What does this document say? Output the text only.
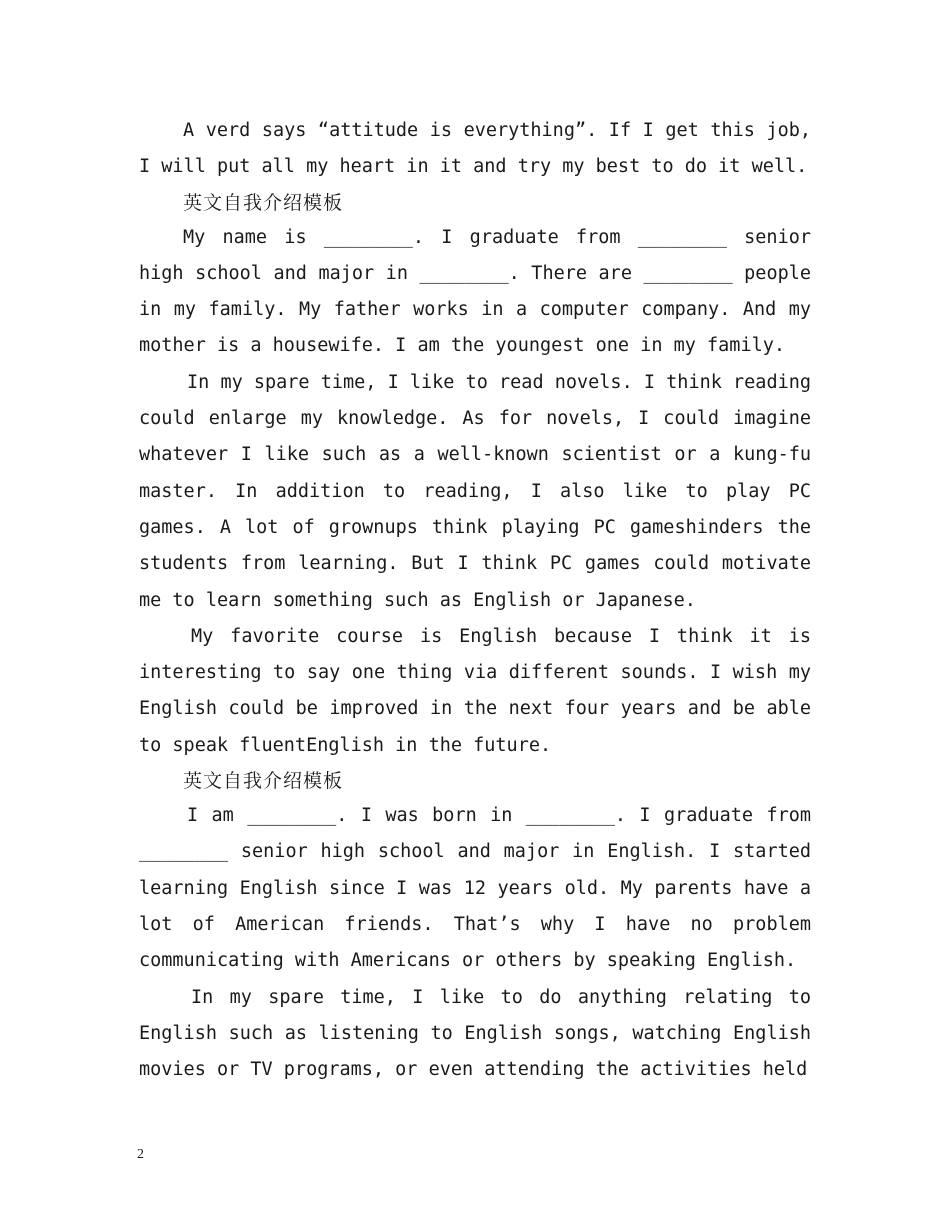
A verd says “attitude is everything”. If I get this job, I will put all my heart in it and try my best to do it well.

英文自我介绍模板

My name is ________. I graduate from ________ senior high school and major in ________. There are ________ people in my family. My father works in a computer company. And my mother is a housewife. I am the youngest one in my family.

In my spare time, I like to read novels. I think reading could enlarge my knowledge. As for novels, I could imagine whatever I like such as a well-known scientist or a kung-fu master. In addition to reading, I also like to play PC games. A lot of grownups think playing PC gameshinders the students from learning. But I think PC games could motivate me to learn something such as English or Japanese.

My favorite course is English because I think it is interesting to say one thing via different sounds. I wish my English could be improved in the next four years and be able to speak fluentEnglish in the future.

英文自我介绍模板

I am ________. I was born in ________. I graduate from ________ senior high school and major in English. I started learning English since I was 12 years old. My parents have a lot of American friends. That’s why I have no problem communicating with Americans or others by speaking English.

In my spare time, I like to do anything relating to English such as listening to English songs, watching English movies or TV programs, or even attending the activities held

2
